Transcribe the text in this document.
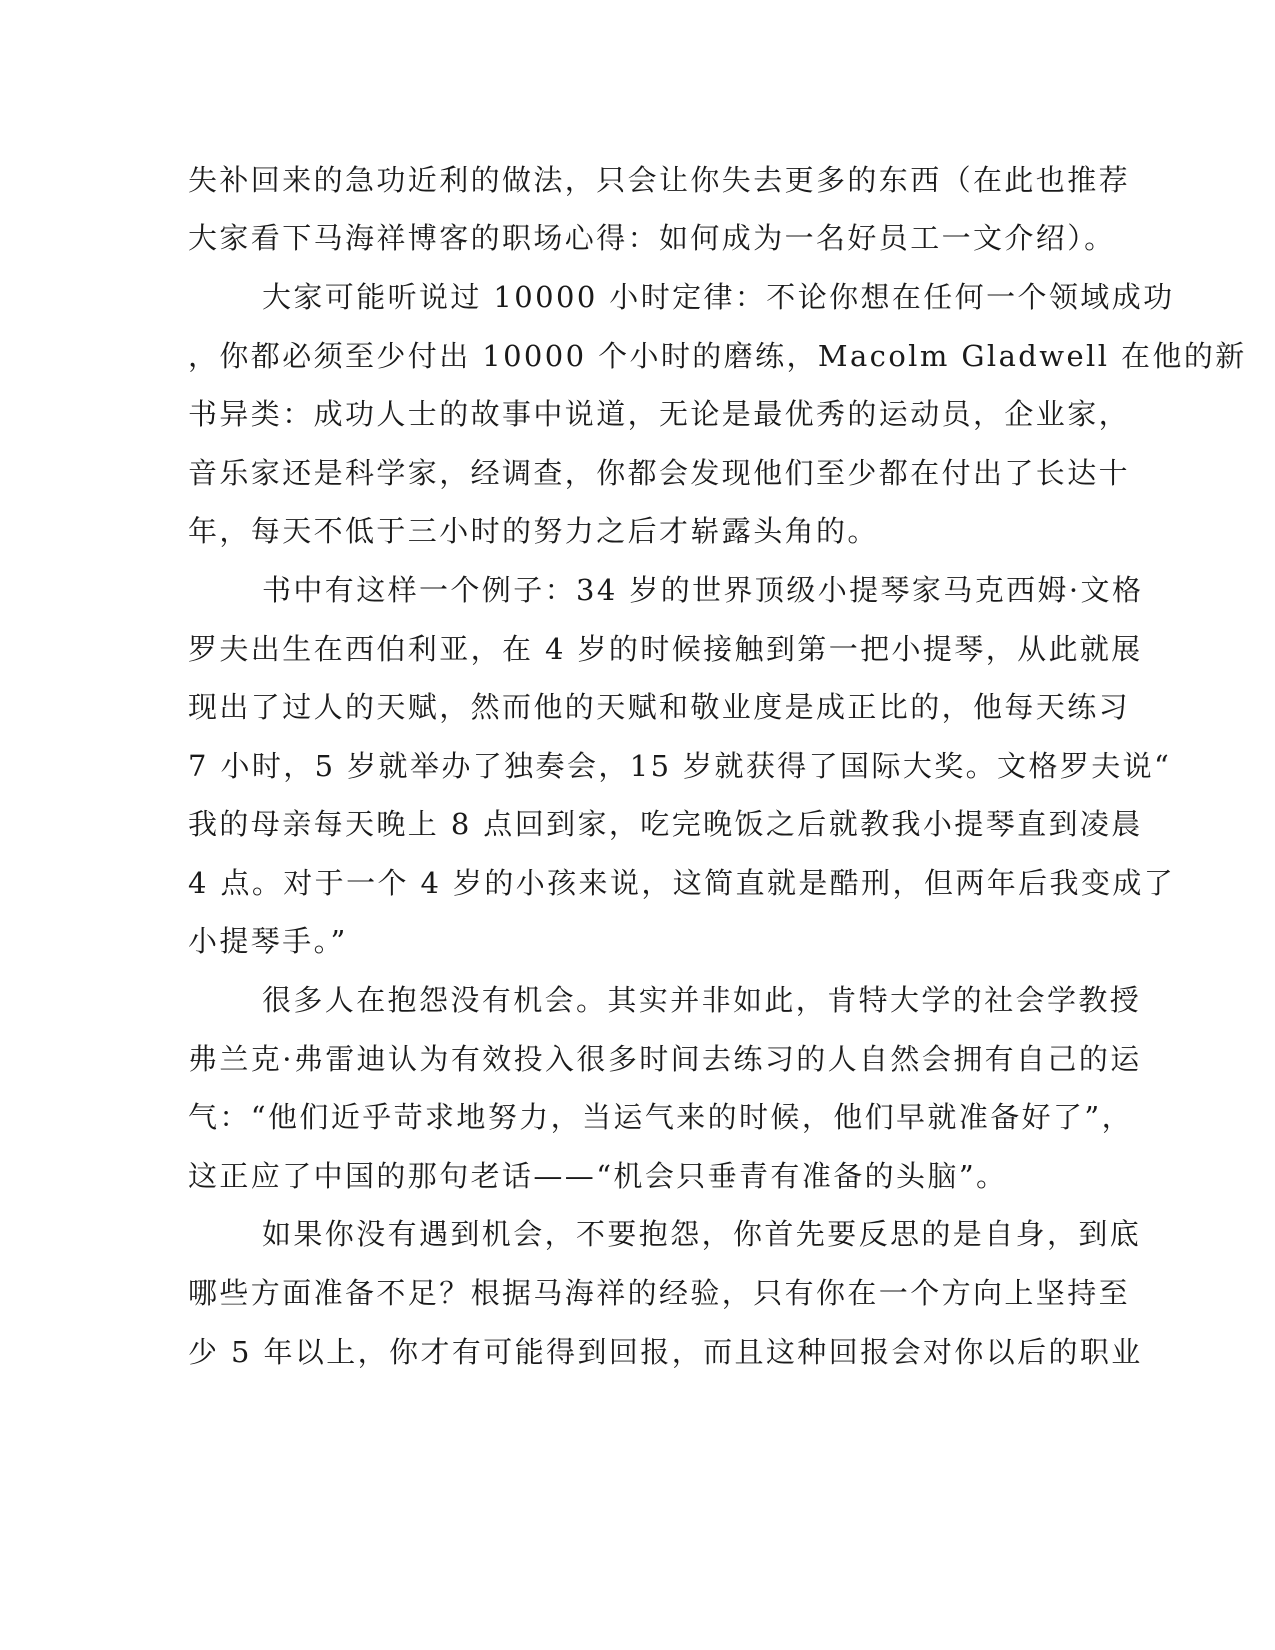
失补回来的急功近利的做法，只会让你失去更多的东西（在此也推荐
大家看下马海祥博客的职场心得：如何成为一名好员工一文介绍）。
大家可能听说过 10000 小时定律：不论你想在任何一个领域成功
，你都必须至少付出 10000 个小时的磨练，Macolm Gladwell 在他的新
书异类：成功人士的故事中说道，无论是最优秀的运动员，企业家，
音乐家还是科学家，经调查，你都会发现他们至少都在付出了长达十
年，每天不低于三小时的努力之后才崭露头角的。
书中有这样一个例子：34 岁的世界顶级小提琴家马克西姆·文格
罗夫出生在西伯利亚，在 4 岁的时候接触到第一把小提琴，从此就展
现出了过人的天赋，然而他的天赋和敬业度是成正比的，他每天练习
7 小时，5 岁就举办了独奏会，15 岁就获得了国际大奖。文格罗夫说“
我的母亲每天晚上 8 点回到家，吃完晚饭之后就教我小提琴直到凌晨
4 点。对于一个 4 岁的小孩来说，这简直就是酷刑，但两年后我变成了
小提琴手。”
很多人在抱怨没有机会。其实并非如此，肯特大学的社会学教授
弗兰克·弗雷迪认为有效投入很多时间去练习的人自然会拥有自己的运
气：“他们近乎苛求地努力，当运气来的时候，他们早就准备好了”，
这正应了中国的那句老话——“机会只垂青有准备的头脑”。
如果你没有遇到机会，不要抱怨，你首先要反思的是自身，到底
哪些方面准备不足？根据马海祥的经验，只有你在一个方向上坚持至
少 5 年以上，你才有可能得到回报，而且这种回报会对你以后的职业
